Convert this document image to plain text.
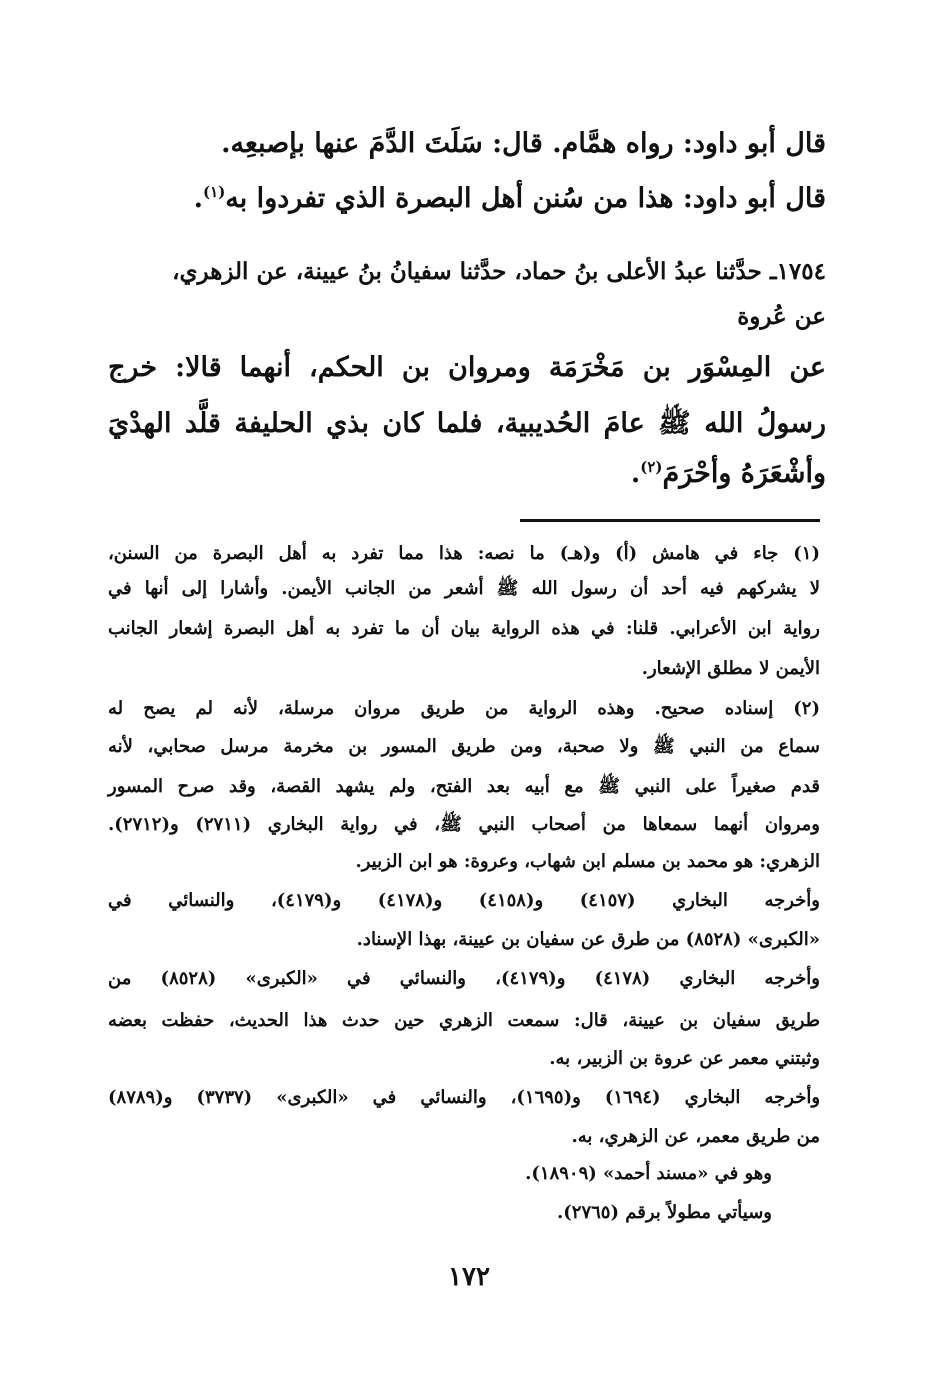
قال أبو داود: رواه همَّام. قال: سَلَتَ الدَّمَ عنها بإصبعِه.
قال أبو داود: هذا من سُنن أهل البصرة الذي تفردوا به$^{(١)}$.
١٧٥٤ـ حدَّثنا عبدُ الأعلى بنُ حماد، حدَّثنا سفيانُ بنُ عيينة، عن الزهري،
عن عُروة
عن المِسْوَر بن مَخْرَمَة ومروان بن الحكم، أنهما قالا: خرج
رسولُ الله ﷺ عامَ الحُديبية، فلما كان بذي الحليفة قلَّد الهدْيَ
وأشْعَرَهُ وأحْرَمَ$^{(٢)}$.
(١) جاء في هامش (أ) و(هـ) ما نصه: هذا مما تفرد به أهل البصرة من السنن،
لا يشركهم فيه أحد أن رسول الله ﷺ أشعر من الجانب الأيمن. وأشارا إلى أنها في
رواية ابن الأعرابي. قلنا: في هذه الرواية بيان أن ما تفرد به أهل البصرة إشعار الجانب
الأيمن لا مطلق الإشعار.
(٢) إسناده صحيح. وهذه الرواية من طريق مروان مرسلة، لأنه لم يصح له
سماع من النبي ﷺ ولا صحبة، ومن طريق المسور بن مخرمة مرسل صحابي، لأنه
قدم صغيراً على النبي ﷺ مع أبيه بعد الفتح، ولم يشهد القصة، وقد صرح المسور
ومروان أنهما سمعاها من أصحاب النبي ﷺ، في رواية البخاري (٢٧١١) و(٢٧١٢).
الزهري: هو محمد بن مسلم ابن شهاب، وعروة: هو ابن الزبير.
وأخرجه البخاري (٤١٥٧) و(٤١٥٨) و(٤١٧٨) و(٤١٧٩)، والنسائي في
«الكبرى» (٨٥٢٨) من طرق عن سفيان بن عيينة، بهذا الإسناد.
وأخرجه البخاري (٤١٧٨) و(٤١٧٩)، والنسائي في «الكبرى» (٨٥٢٨) من
طريق سفيان بن عيينة، قال: سمعت الزهري حين حدث هذا الحديث، حفظت بعضه
وثبتني معمر عن عروة بن الزبير، به.
وأخرجه البخاري (١٦٩٤) و(١٦٩٥)، والنسائي في «الكبرى» (٣٧٣٧) و(٨٧٨٩)
من طريق معمر، عن الزهري، به.
وهو في «مسند أحمد» (١٨٩٠٩).
وسيأتي مطولاً برقم (٢٧٦٥).
١٧٢
